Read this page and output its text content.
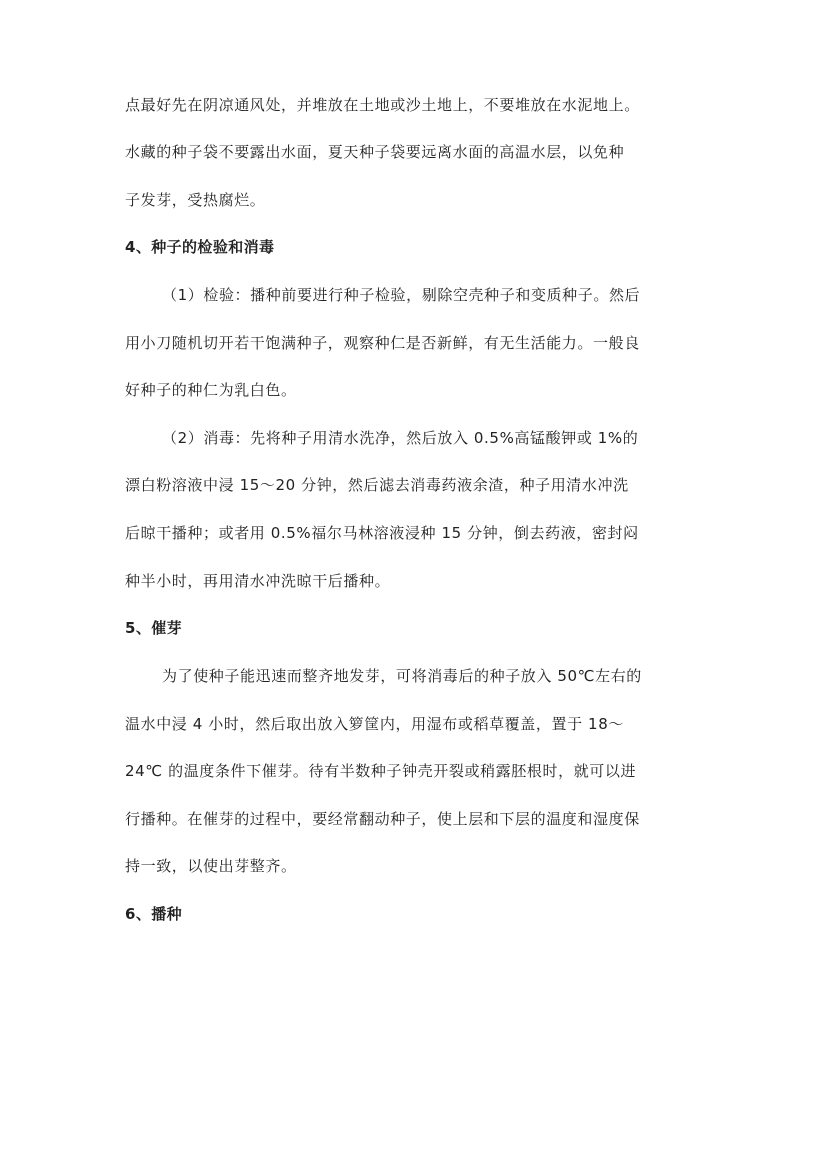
点最好先在阴凉通风处，并堆放在土地或沙土地上，不要堆放在水泥地上。
水藏的种子袋不要露出水面，夏天种子袋要远离水面的高温水层，以免种
子发芽，受热腐烂。
4、种子的检验和消毒
（1）检验：播种前要进行种子检验，剔除空壳种子和变质种子。然后
用小刀随机切开若干饱满种子，观察种仁是否新鲜，有无生活能力。一般良
好种子的种仁为乳白色。
（2）消毒：先将种子用清水洗净，然后放入 0.5%高锰酸钾或 1%的
漂白粉溶液中浸 15～20 分钟，然后滤去消毒药液余渣，种子用清水冲洗
后晾干播种；或者用 0.5%福尔马林溶液浸种 15 分钟，倒去药液，密封闷
种半小时，再用清水冲洗晾干后播种。
5、催芽
为了使种子能迅速而整齐地发芽，可将消毒后的种子放入 50℃左右的
温水中浸 4 小时，然后取出放入箩筐内，用湿布或稻草覆盖，置于 18～
24℃ 的温度条件下催芽。待有半数种子钟壳开裂或稍露胚根时，就可以进
行播种。在催芽的过程中，要经常翻动种子，使上层和下层的温度和湿度保
持一致，以使出芽整齐。
6、播种
